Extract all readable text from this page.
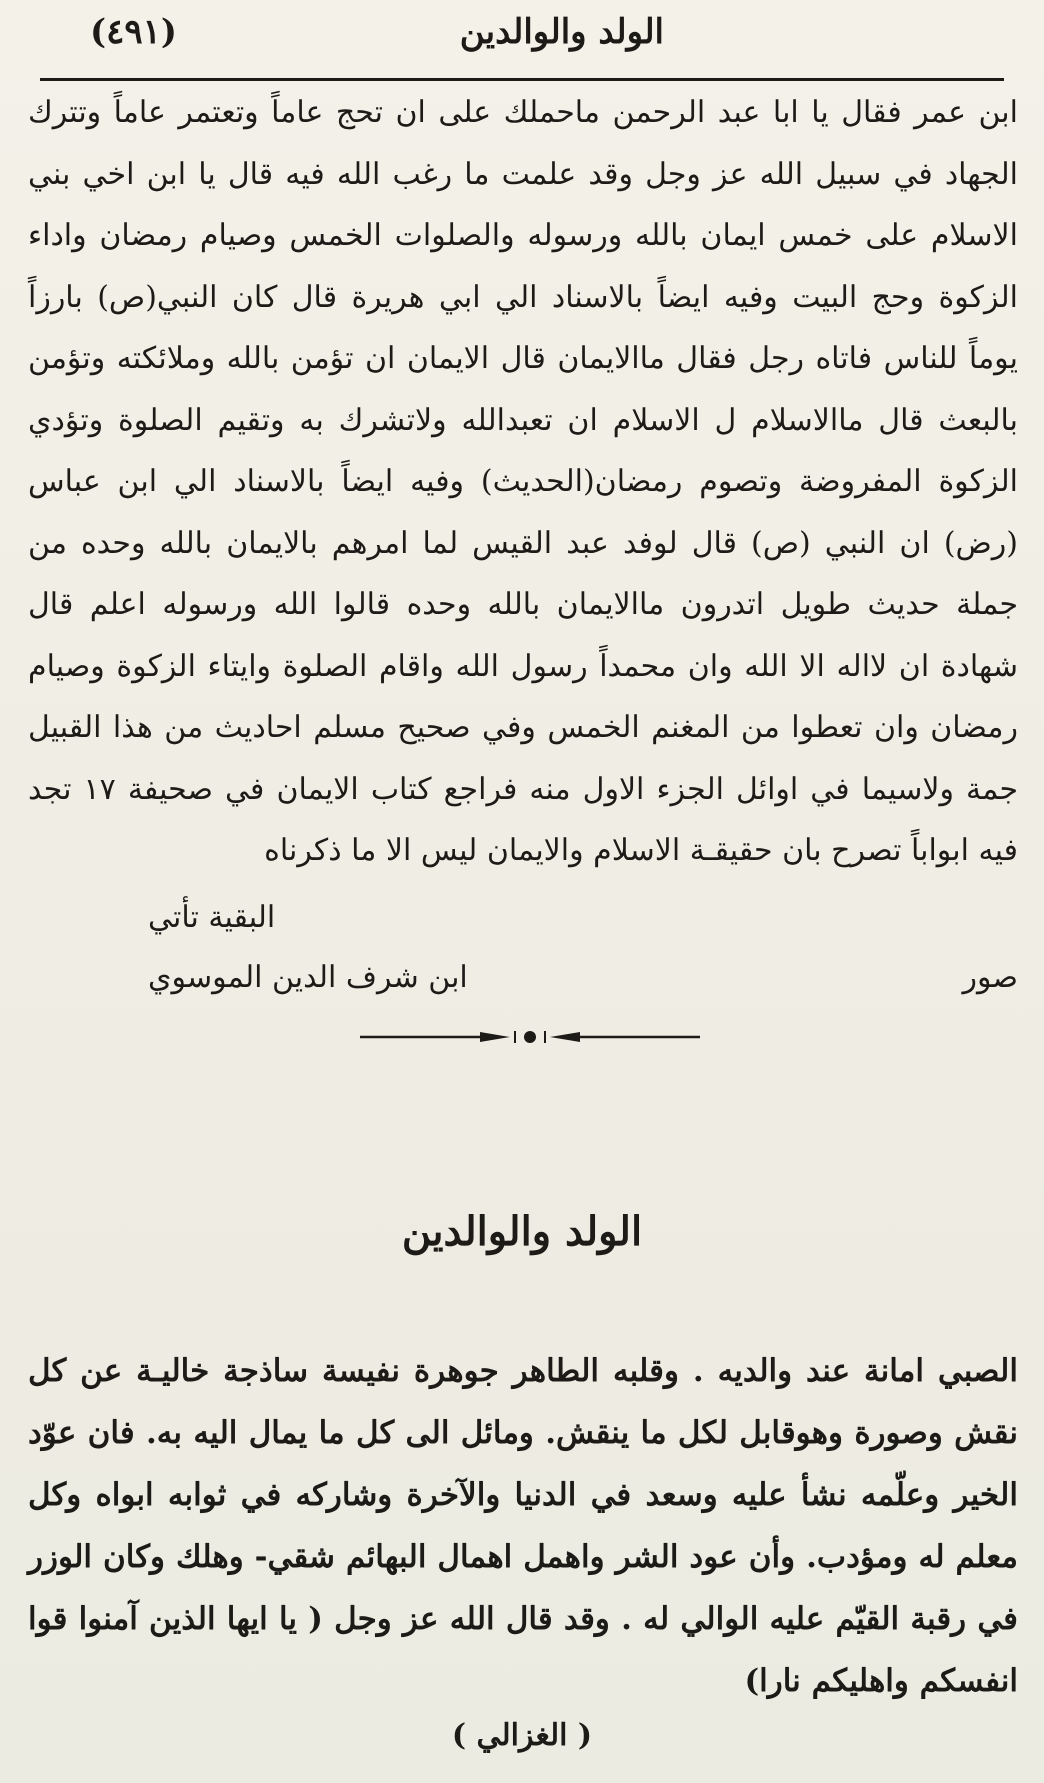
الولد والوالدين
(٤٩١)

ابن عمر فقال يا ابا عبد الرحمن ماحملك على ان تحج عاماً وتعتمر عاماً وتترك الجهاد في سبيل الله عز وجل وقد علمت ما رغب الله فيه قال يا ابن اخي بني الاسلام على خمس ايمان بالله ورسوله والصلوات الخمس وصيام رمضان واداء الزكوة وحج البيت وفيه ايضاً بالاسناد الي ابي هريرة قال كان النبي(ص) بارزاً يوماً للناس فاتاه رجل فقال ماالايمان قال الايمان ان تؤمن بالله وملائكته وتؤمن بالبعث قال ماالاسلام ل الاسلام ان تعبدالله ولاتشرك به وتقيم الصلوة وتؤدي الزكوة المفروضة وتصوم رمضان(الحديث) وفيه ايضاً بالاسناد الي ابن عباس (رض) ان النبي (ص) قال لوفد عبد القيس لما امرهم بالايمان بالله وحده من جملة حديث طويل اتدرون ماالايمان بالله وحده قالوا الله ورسوله اعلم قال شهادة ان لااله الا الله وان محمداً رسول الله واقام الصلوة وايتاء الزكوة وصيام رمضان وان تعطوا من المغنم الخمس وفي صحيح مسلم احاديث من هذا القبيل جمة ولاسيما في اوائل الجزء الاول منه فراجع كتاب الايمان في صحيفة ١٧ تجد فيه ابواباً تصرح بان حقيقـة الاسلام والايمان ليس الا ما ذكرناه

البقية تأتي
صور
ابن شرف الدين الموسوي
الولد والوالدين
الصبي امانة عند والديه . وقلبه الطاهر جوهرة نفيسة ساذجة خاليـة عن كل نقش وصورة وهوقابل لكل ما ينقش. ومائل الى كل ما يمال اليه به. فان عوّد الخير وعلّمه نشأ عليه وسعد في الدنيا والآخرة وشاركه في ثوابه ابواه وكل معلم له ومؤدب. وأن عود الشر واهمل اهمال البهائم شقي- وهلك وكان الوزر في رقبة القيّم عليه الوالي له . وقد قال الله عز وجل ( يا ايها الذين آمنوا قوا انفسكم واهليكم نارا)
( الغزالي )
